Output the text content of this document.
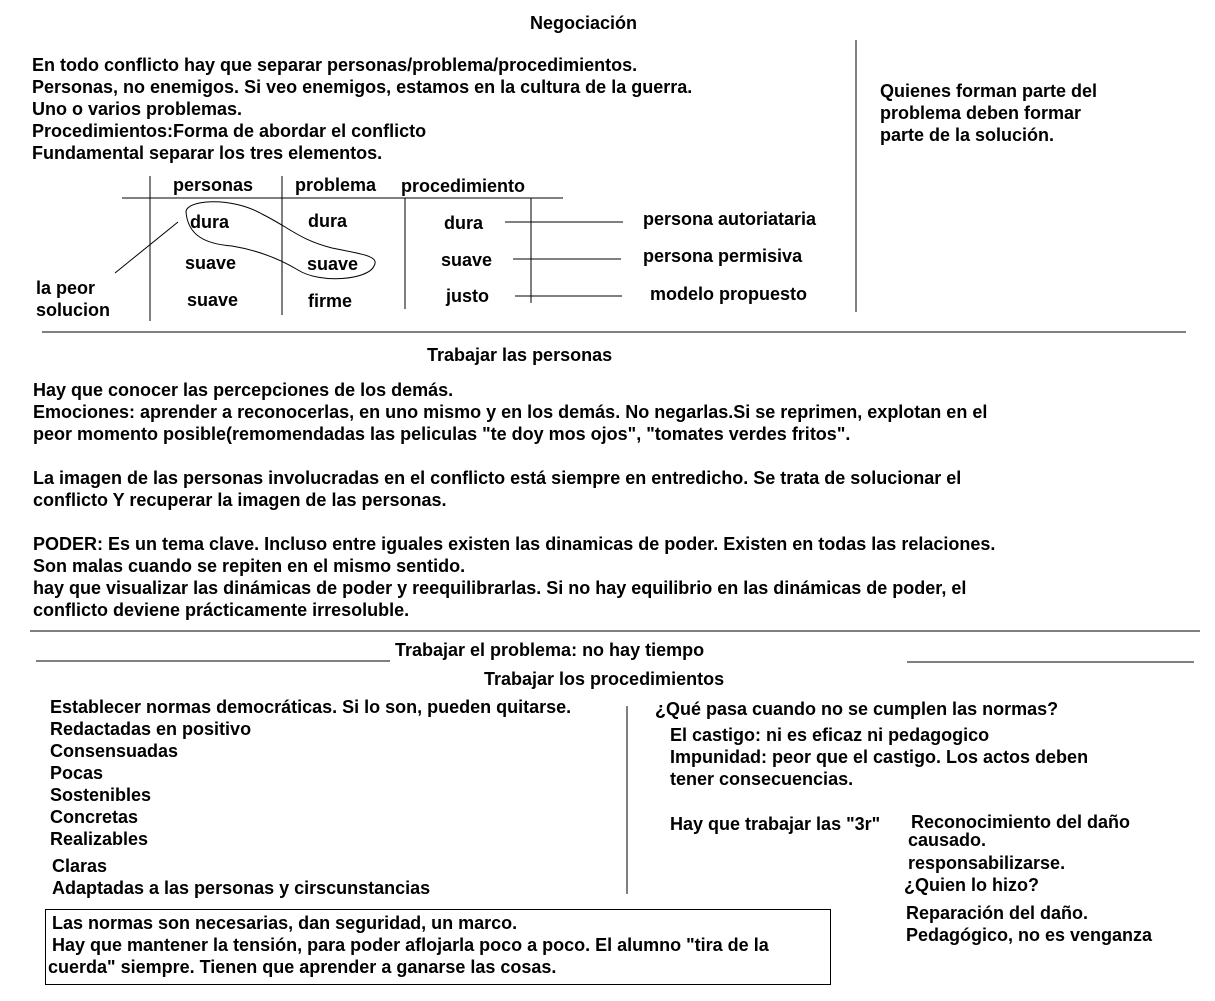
Negociación
En todo conflicto hay que separar personas/problema/procedimientos.
Personas, no enemigos. Si veo enemigos, estamos en la cultura de la guerra.
Uno o varios problemas.
Procedimientos:Forma de abordar el conflicto
Fundamental separar los tres elementos.
Quienes forman parte del
problema deben formar
parte de la solución.
personas problema procedimiento
dura	dura	dura	persona autoriataria
suave	suave	suave	persona permisiva
suave	firme	justo	modelo propuesto
la peor
solucion
Trabajar las personas
Hay que conocer las percepciones de los demás.
Emociones: aprender a reconocerlas, en uno mismo y en los demás. No negarlas.Si se reprimen, explotan en el
peor momento posible(remomendadas las peliculas "te doy mos ojos", "tomates verdes fritos".
La imagen de las personas involucradas en el conflicto está siempre en entredicho. Se trata de solucionar el
conflicto Y recuperar la imagen de las personas.
PODER: Es un tema clave. Incluso entre iguales existen las dinamicas de poder. Existen en todas las relaciones.
Son malas cuando se repiten en el mismo sentido.
hay que visualizar las dinámicas de poder y reequilibrarlas. Si no hay equilibrio en las dinámicas de poder, el
conflicto deviene prácticamente irresoluble.
Trabajar el problema: no hay tiempo
Trabajar los procedimientos
Establecer normas democráticas. Si lo son, pueden quitarse.
Redactadas en positivo
Consensuadas
Pocas
Sostenibles
Concretas
Realizables
Claras
Adaptadas a las personas y cirscunstancias
Las normas son necesarias, dan seguridad, un marco.
Hay que mantener la tensión, para poder aflojarla poco a poco. El alumno "tira de la
cuerda" siempre. Tienen que aprender a ganarse las cosas.
¿Qué pasa cuando no se cumplen las normas?
El castigo: ni es eficaz ni pedagogico
Impunidad: peor que el castigo. Los actos deben
tener consecuencias.
Hay que trabajar las "3r" Reconocimiento del daño
causado.
responsabilizarse.
¿Quien lo hizo?
Reparación del daño.
Pedagógico, no es venganza
